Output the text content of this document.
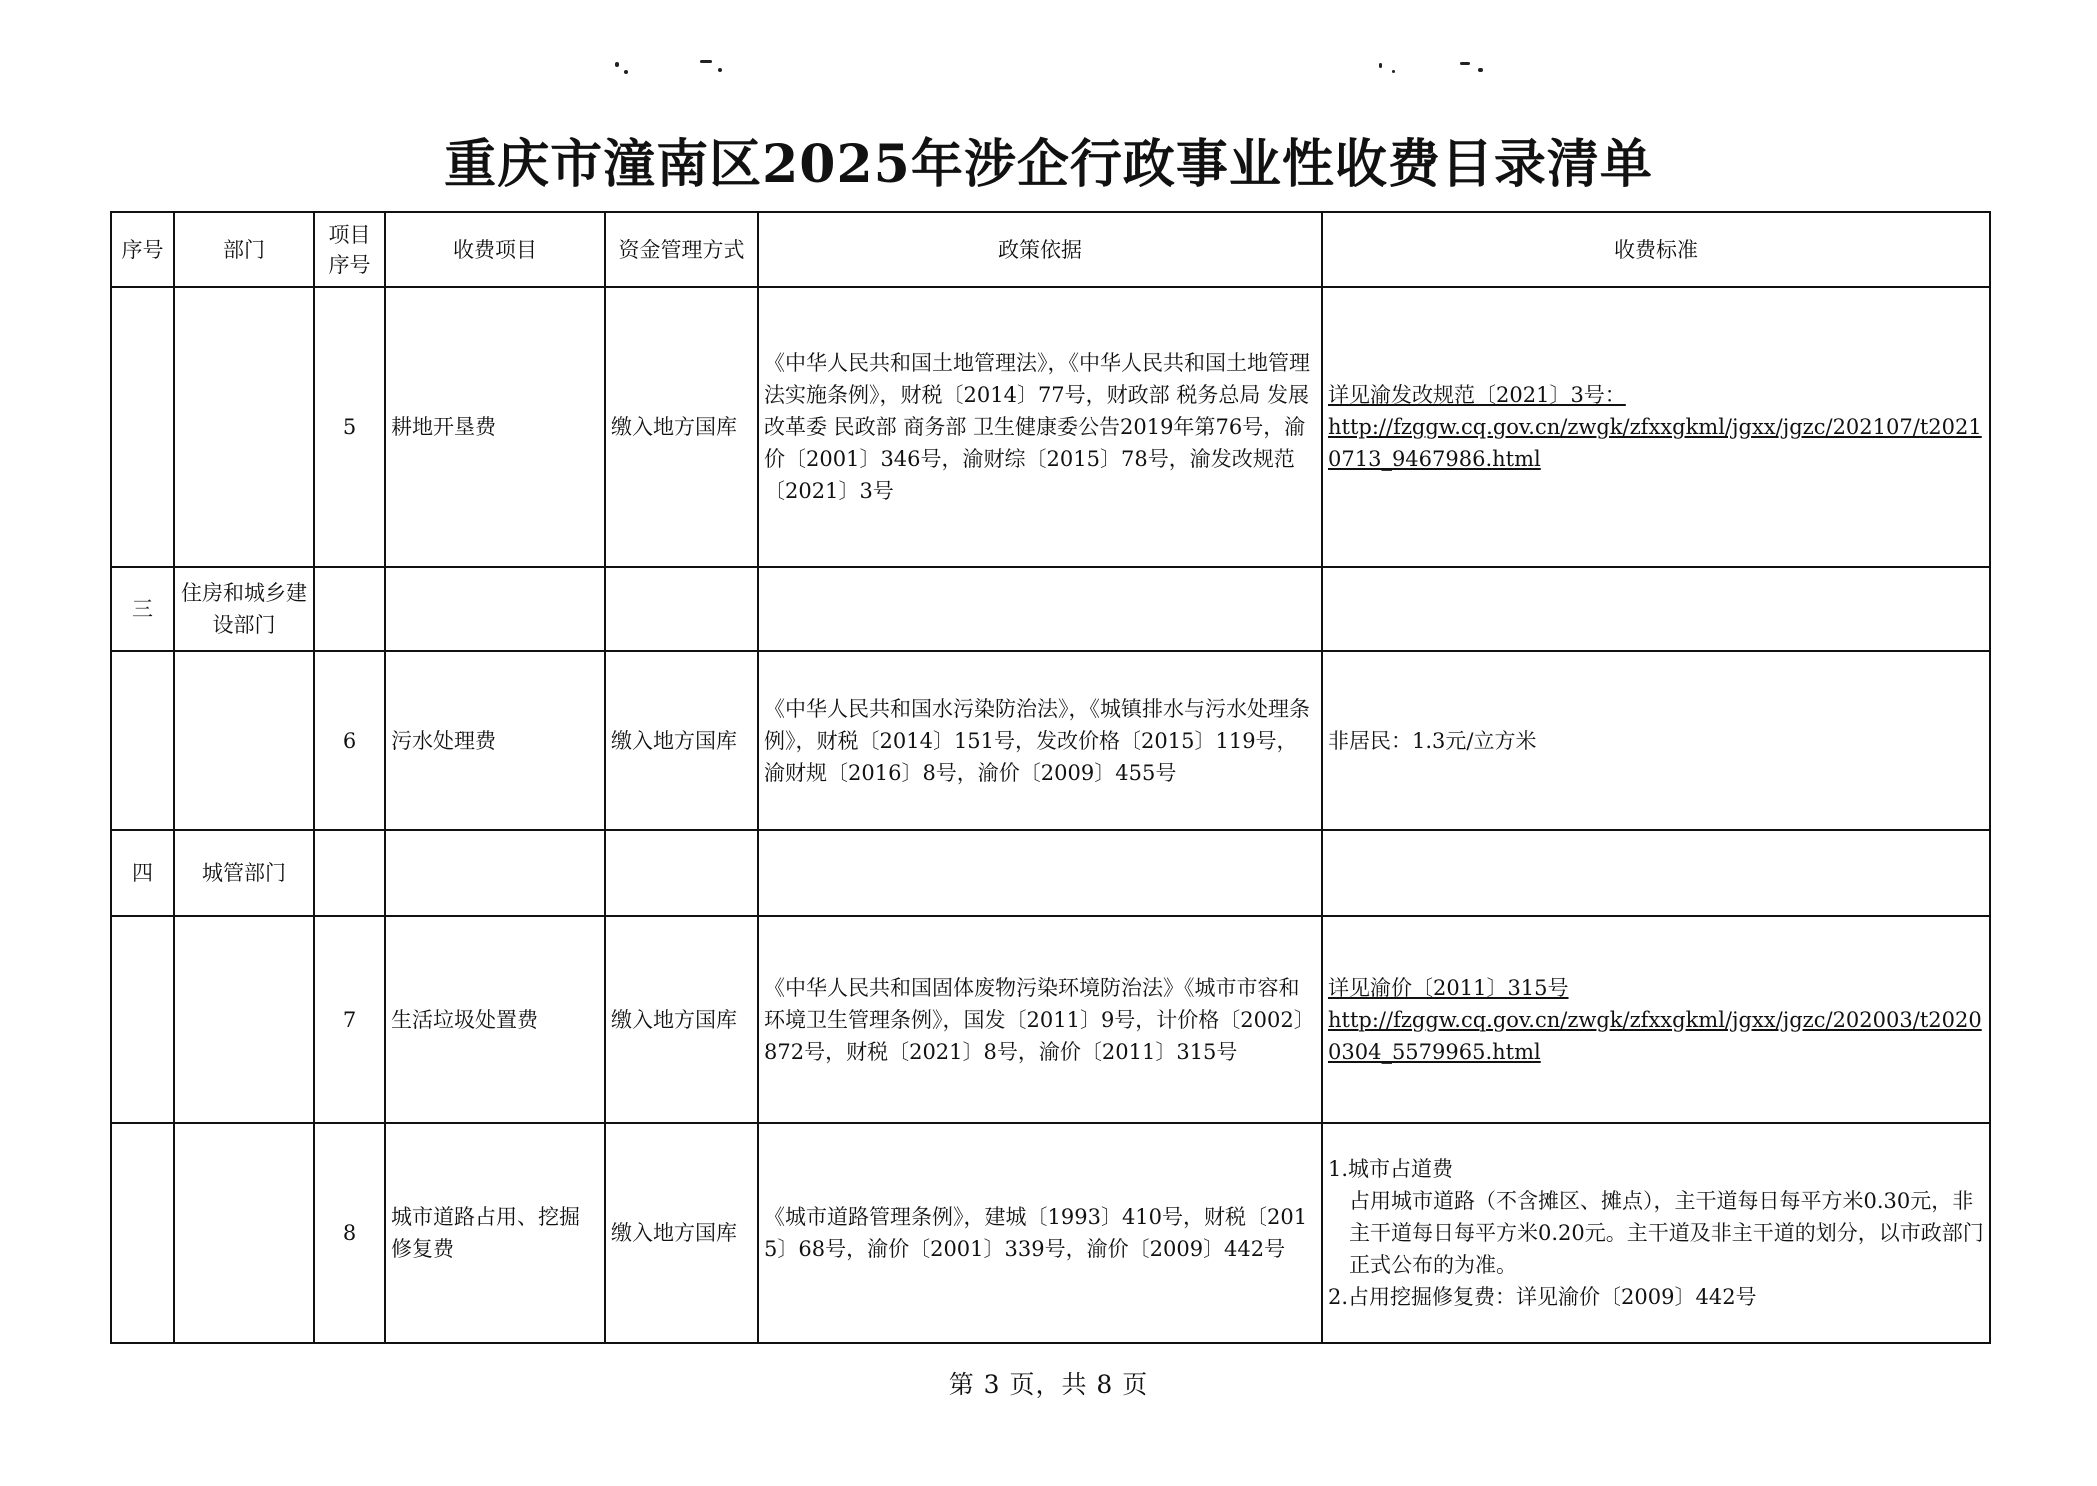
重庆市潼南区2025年涉企行政事业性收费目录清单
序号	部门	项目序号	收费项目	资金管理方式	政策依据	收费标准
		5	耕地开垦费	缴入地方国库	《中华人民共和国土地管理法》，《中华人民共和国土地管理法实施条例》，财税〔2014〕77号，财政部 税务总局 发展改革委 民政部 商务部 卫生健康委公告2019年第76号，渝价〔2001〕346号，渝财综〔2015〕78号，渝发改规范〔2021〕3号	详见渝发改规范〔2021〕3号：
http://fzggw.cq.gov.cn/zwgk/zfxxgkml/jgxx/jgzc/202107/t20210713_9467986.html

三	住房和城乡建设部门					
		6	污水处理费	缴入地方国库	《中华人民共和国水污染防治法》，《城镇排水与污水处理条例》，财税〔2014〕151号，发改价格〔2015〕119号，渝财规〔2016〕8号，渝价〔2009〕455号	非居民：1.3元/立方米
四	城管部门					
		7	生活垃圾处置费	缴入地方国库	《中华人民共和国固体废物污染环境防治法》《城市市容和环境卫生管理条例》，国发〔2011〕9号，计价格〔2002〕872号，财税〔2021〕8号，渝价〔2011〕315号	详见渝价〔2011〕315号
http://fzggw.cq.gov.cn/zwgk/zfxxgkml/jgxx/jgzc/202003/t20200304_5579965.html

		8	城市道路占用、挖掘修复费	缴入地方国库	《城市道路管理条例》，建城〔1993〕410号，财税〔2015〕68号，渝价〔2001〕339号，渝价〔2009〕442号	1.城市占道费
占用城市道路（不含摊区、摊点），主干道每日每平方米0.30元，非主干道每日每平方米0.20元。主干道及非主干道的划分，以市政部门正式公布的为准。
2.占用挖掘修复费：详见渝价〔2009〕442号
第 3 页，共 8 页
